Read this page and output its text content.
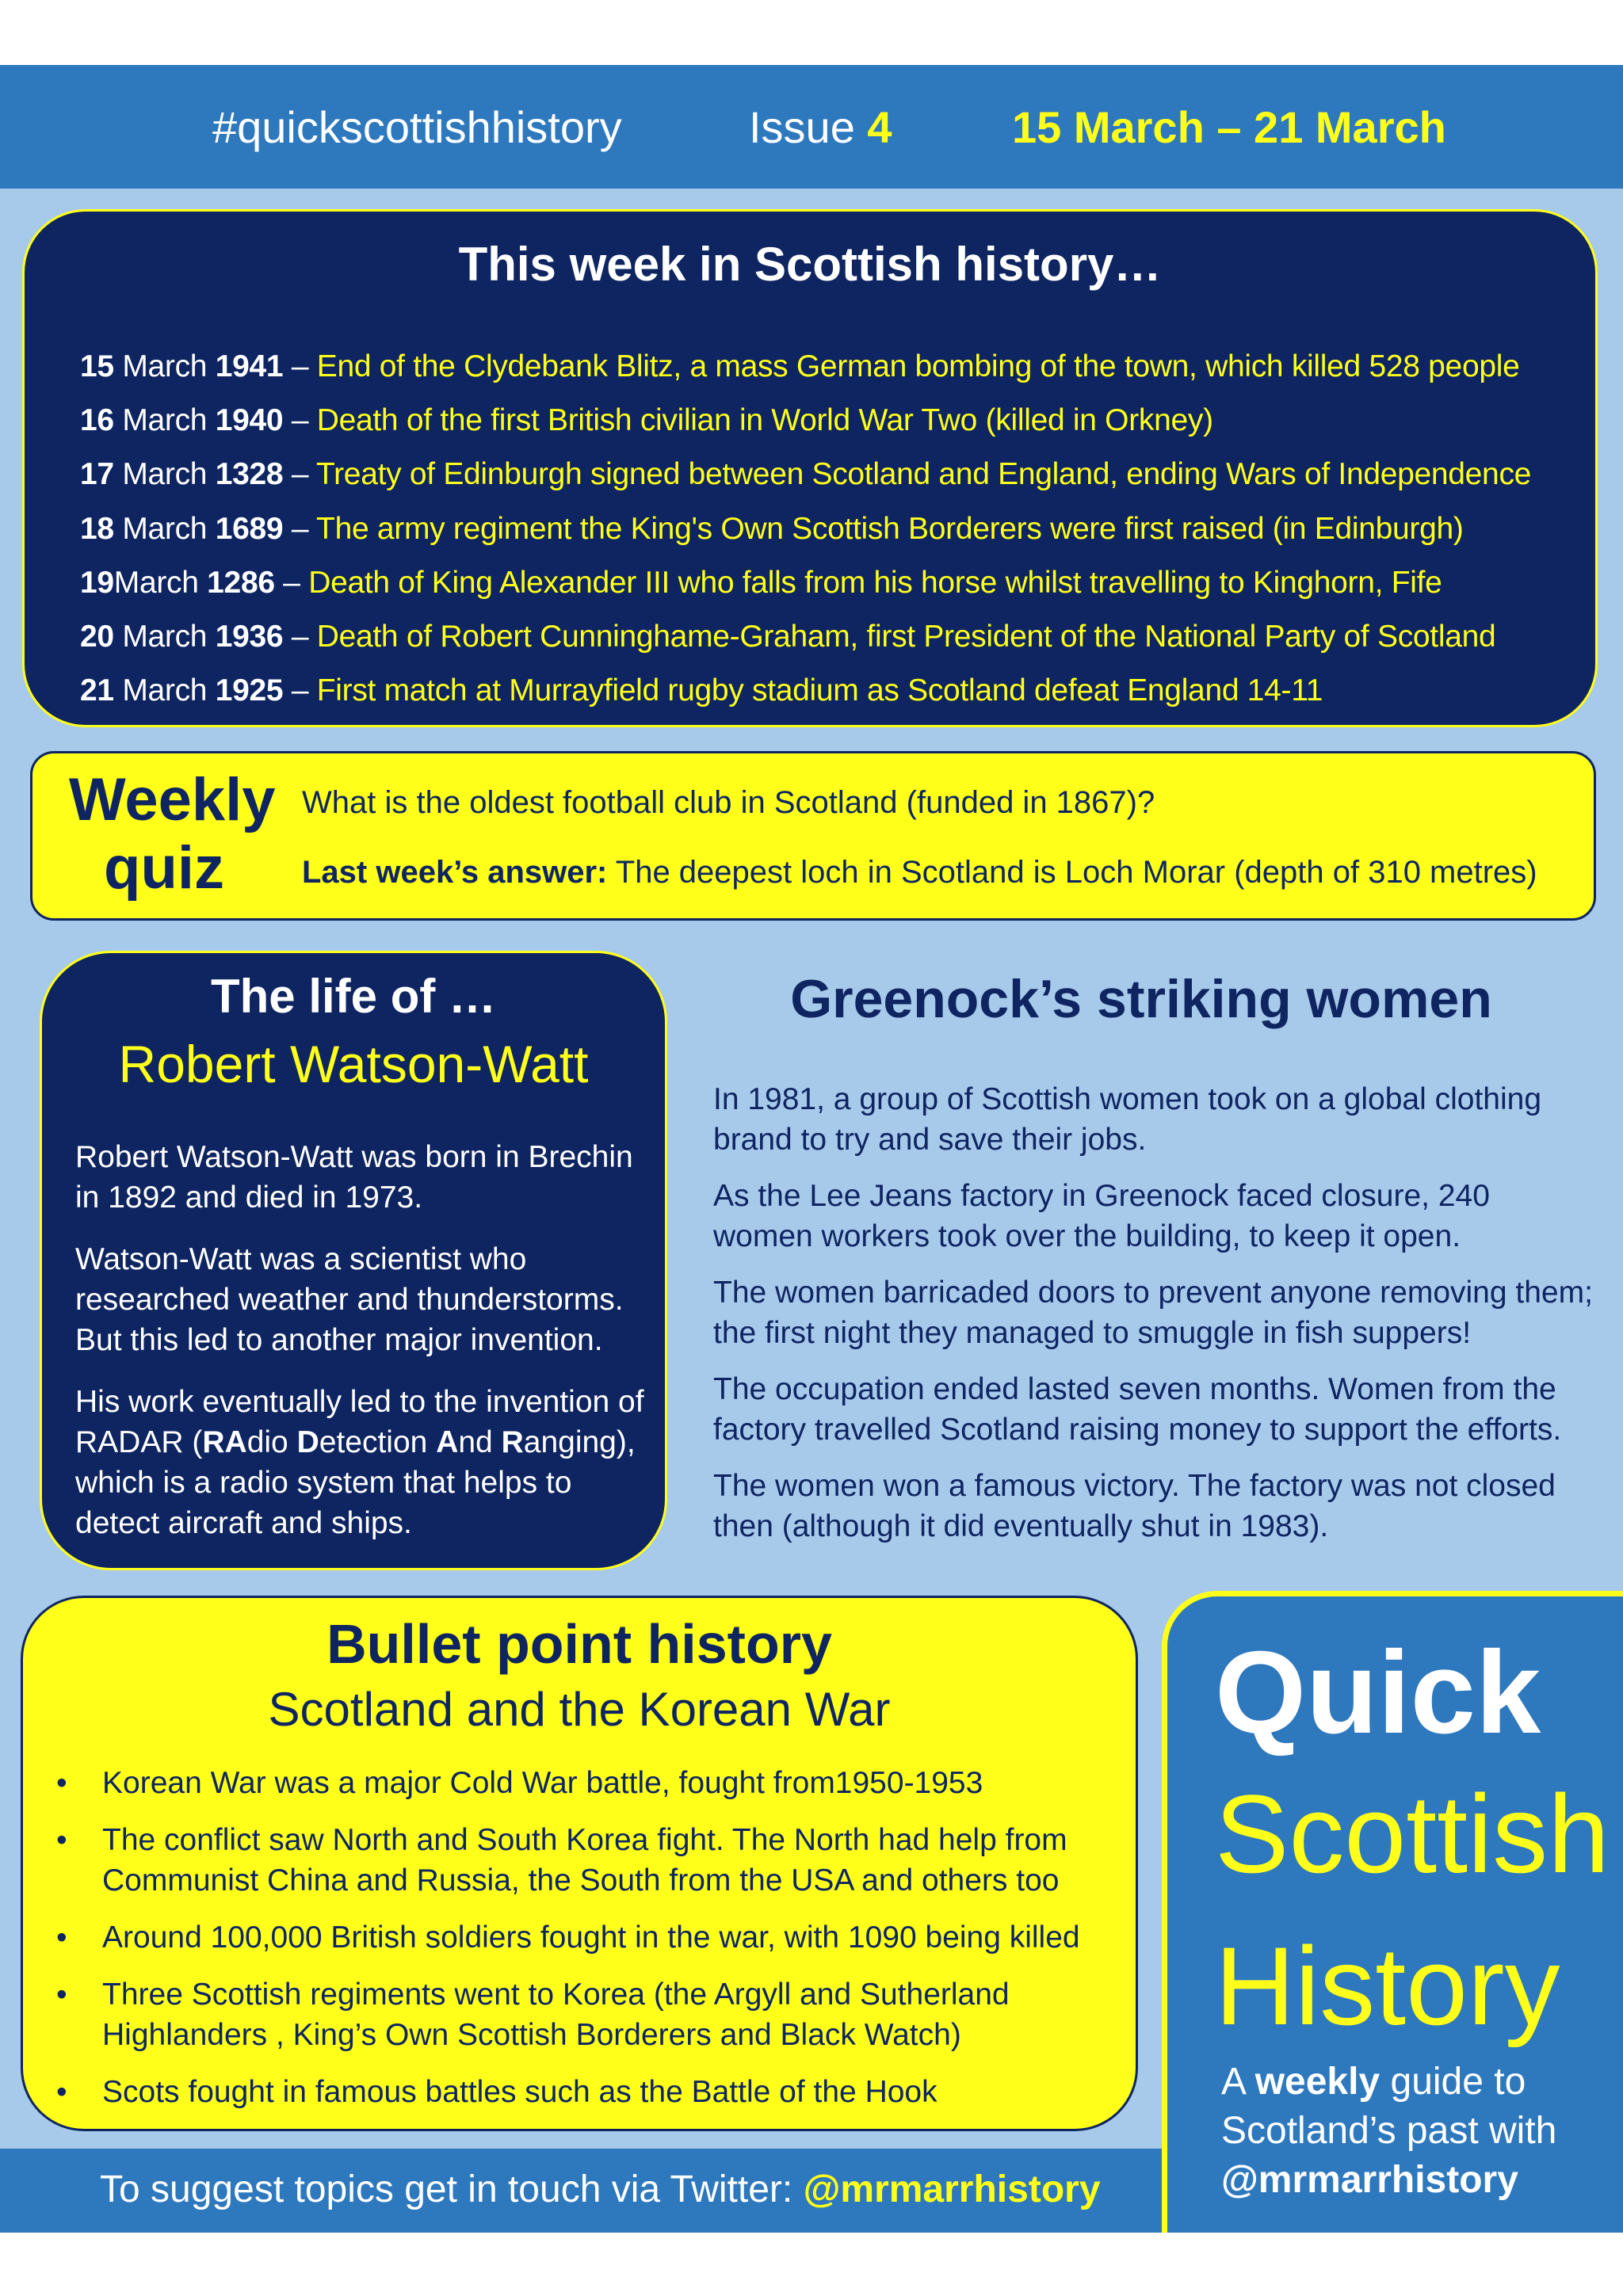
#quickscottishhistory	Issue 4	15 March – 21 March
This week in Scottish history…
15 March 1941 – End of the Clydebank Blitz, a mass German bombing of the town, which killed 528 people
16 March 1940 – Death of the first British civilian in World War Two (killed in Orkney)
17 March 1328 – Treaty of Edinburgh signed between Scotland and England, ending Wars of Independence
18 March 1689 – The army regiment the King's Own Scottish Borderers were first raised (in Edinburgh)
19March 1286 – Death of King Alexander III who falls from his horse whilst travelling to Kinghorn, Fife
20 March 1936 – Death of Robert Cunninghame-Graham, first President of the National Party of Scotland
21 March 1925 – First match at Murrayfield rugby stadium as Scotland defeat England 14-11
Weekly
quiz
What is the oldest football club in Scotland (funded in 1867)?
Last week’s answer: The deepest loch in Scotland is Loch Morar (depth of 310 metres)
The life of …
Robert Watson-Watt

Robert Watson-Watt was born in Brechin in 1892 and died in 1973.

Watson-Watt was a scientist who researched weather and thunderstorms. But this led to another major invention.

His work eventually led to the invention of RADAR (RAdio Detection And Ranging), which is a radio system that helps to detect aircraft and ships.

Greenock’s striking women

In 1981, a group of Scottish women took on a global clothing brand to try and save their jobs.

As the Lee Jeans factory in Greenock faced closure, 240 women workers took over the building, to keep it open.

The women barricaded doors to prevent anyone removing them; the first night they managed to smuggle in fish suppers!

The occupation ended lasted seven months. Women from the factory travelled Scotland raising money to support the efforts.

The women won a famous victory. The factory was not closed then (although it did eventually shut in 1983).

Bullet point history
Scotland and the Korean War
• Korean War was a major Cold War battle, fought from1950-1953
• The conflict saw North and South Korea fight. The North had help from Communist China and Russia, the South from the USA and others too
• Around 100,000 British soldiers fought in the war, with 1090 being killed
• Three Scottish regiments went to Korea (the Argyll and Sutherland Highlanders , King’s Own Scottish Borderers and Black Watch)
• Scots fought in famous battles such as the Battle of the Hook
To suggest topics get in touch via Twitter: @mrmarrhistory
Quick
Scottish
History
A weekly guide to Scotland’s past with
@mrmarrhistory
